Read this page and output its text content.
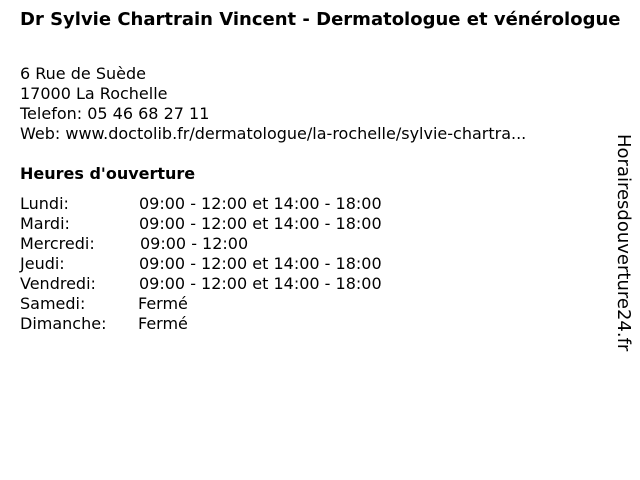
Dr Sylvie Chartrain Vincent - Dermatologue et vénérologue
6 Rue de Suède
17000 La Rochelle
Telefon: 05 46 68 27 11
Web: www.doctolib.fr/dermatologue/la-rochelle/sylvie-chartra...
Heures d'ouverture
Lundi:	09:00 - 12:00 et 14:00 - 18:00
Mardi:	09:00 - 12:00 et 14:00 - 18:00
Mercredi:	09:00 - 12:00
Jeudi:	09:00 - 12:00 et 14:00 - 18:00
Vendredi:	09:00 - 12:00 et 14:00 - 18:00
Samedi:	Fermé
Dimanche: Fermé	Horairesdouverture24.fr
